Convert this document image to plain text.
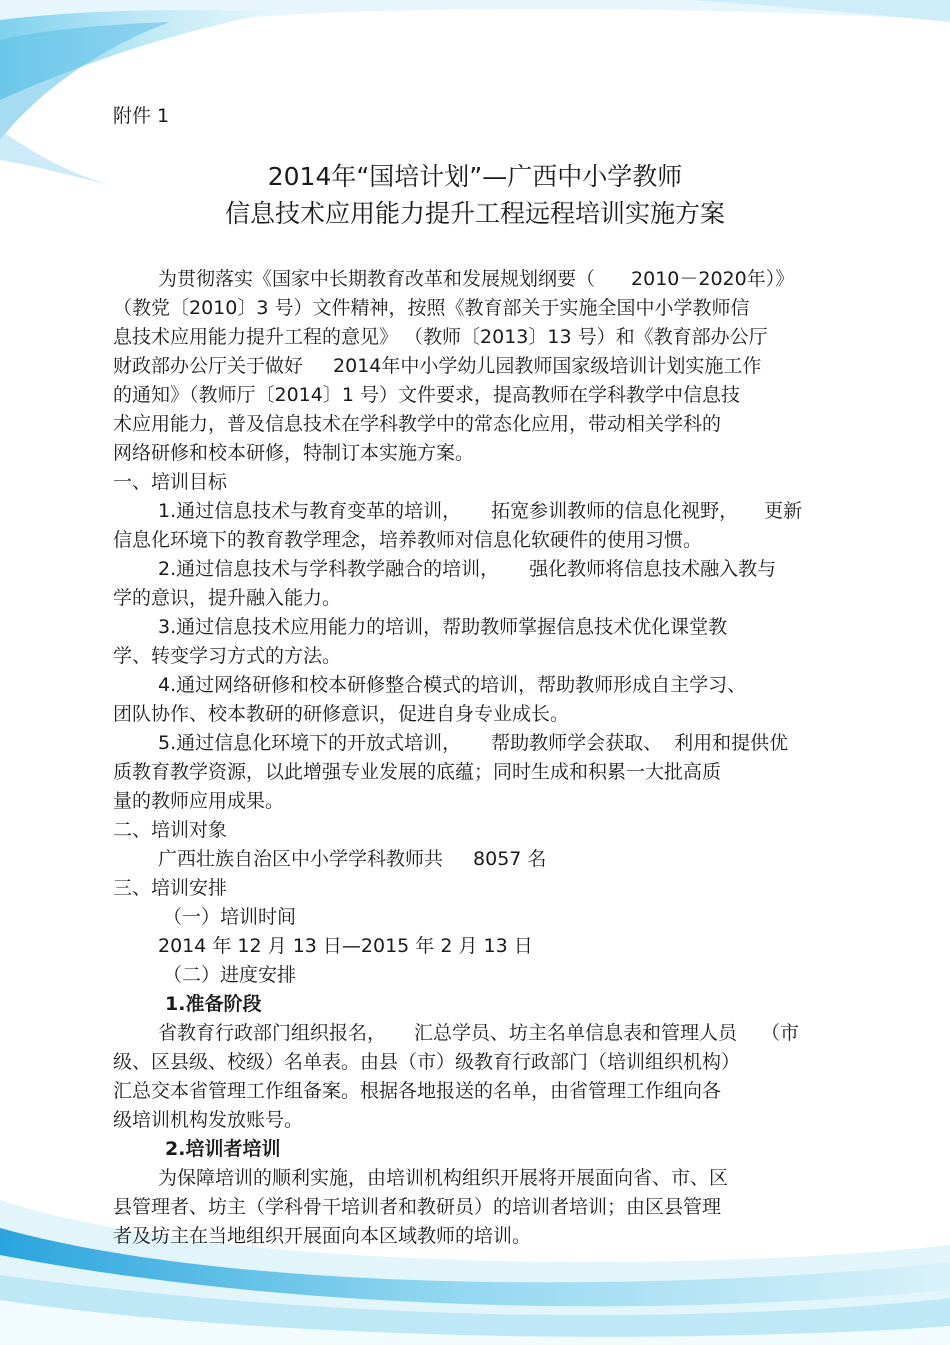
附件 1
2014年“国培计划”—广西中小学教师
信息技术应用能力提升工程远程培训实施方案
为贯彻落实《国家中长期教育改革和发展规划纲要（ 2010－2020年）》
（教党〔2010〕3 号）文件精神，按照《教育部关于实施全国中小学教师信
息技术应用能力提升工程的意见》 （教师〔2013〕13 号）和《教育部办公厅
财政部办公厅关于做好 2014年中小学幼儿园教师国家级培训计划实施工作
的通知》（教师厅〔2014〕1 号）文件要求，提高教师在学科教学中信息技
术应用能力，普及信息技术在学科教学中的常态化应用，带动相关学科的
网络研修和校本研修，特制订本实施方案。
一、培训目标
1.通过信息技术与教育变革的培训， 拓宽参训教师的信息化视野， 更新
信息化环境下的教育教学理念，培养教师对信息化软硬件的使用习惯。
2.通过信息技术与学科教学融合的培训， 强化教师将信息技术融入教与
学的意识，提升融入能力。
3.通过信息技术应用能力的培训，帮助教师掌握信息技术优化课堂教
学、转变学习方式的方法。
4.通过网络研修和校本研修整合模式的培训，帮助教师形成自主学习、
团队协作、校本教研的研修意识，促进自身专业成长。
5.通过信息化环境下的开放式培训， 帮助教师学会获取、 利用和提供优
质教育教学资源，以此增强专业发展的底蕴；同时生成和积累一大批高质
量的教师应用成果。
二、培训对象
广西壮族自治区中小学学科教师共 8057 名
三、培训安排
（一）培训时间
2014 年 12 月 13 日—2015 年 2 月 13 日
（二）进度安排
1.准备阶段
省教育行政部门组织报名， 汇总学员、坊主名单信息表和管理人员 （市
级、区县级、校级）名单表。由县（市）级教育行政部门（培训组织机构）
汇总交本省管理工作组备案。根据各地报送的名单，由省管理工作组向各
级培训机构发放账号。
2.培训者培训
为保障培训的顺利实施，由培训机构组织开展将开展面向省、市、区
县管理者、坊主（学科骨干培训者和教研员）的培训者培训；由区县管理
者及坊主在当地组织开展面向本区域教师的培训。
